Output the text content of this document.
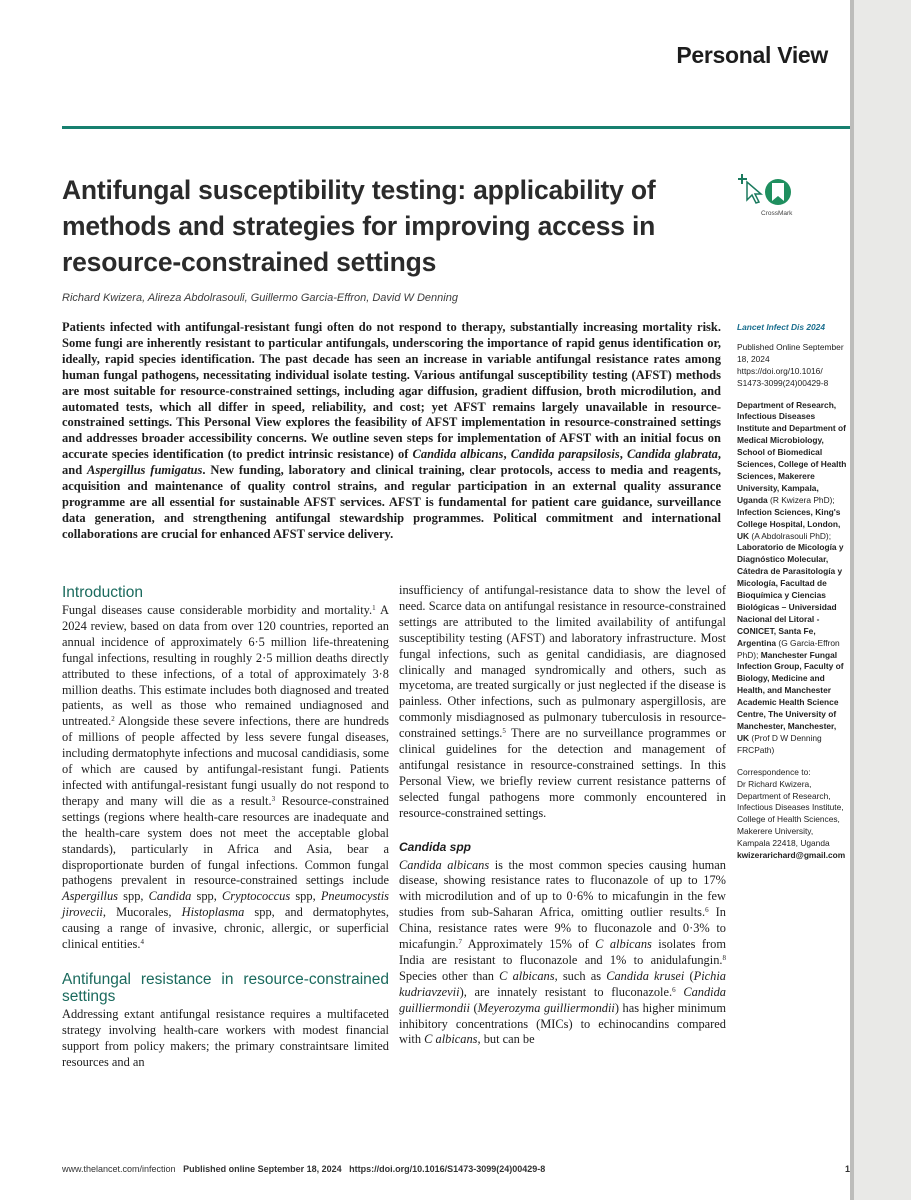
Personal View
Antifungal susceptibility testing: applicability of methods and strategies for improving access in resource-constrained settings
CrossMark
Richard Kwizera, Alireza Abdolrasouli, Guillermo Garcia-Effron, David W Denning

Patients infected with antifungal-resistant fungi often do not respond to therapy, substantially increasing mortality risk. Some fungi are inherently resistant to particular antifungals, underscoring the importance of rapid genus identification or, ideally, rapid species identification. The past decade has seen an increase in variable antifungal resistance rates among human fungal pathogens, necessitating individual isolate testing. Various antifungal susceptibility testing (AFST) methods are most suitable for resource-constrained settings, including agar diffusion, gradient diffusion, broth microdilution, and automated tests, which all differ in speed, reliability, and cost; yet AFST remains largely unavailable in resource-constrained settings. This Personal View explores the feasibility of AFST implementation in resource-constrained settings and addresses broader accessibility concerns. We outline seven steps for implementation of AFST with an initial focus on accurate species identification (to predict intrinsic resistance) of Candida albicans, Candida parapsilosis, Candida glabrata, and Aspergillus fumigatus. New funding, laboratory and clinical training, clear protocols, access to media and reagents, acquisition and maintenance of quality control strains, and regular participation in an external quality assurance programme are all essential for sustainable AFST services. AFST is fundamental for patient care guidance, surveillance data generation, and strengthening antifungal stewardship programmes. Political commitment and international collaborations are crucial for enhanced AFST service delivery.

Lancet Infect Dis 2024

Published Online September 18, 2024 https://doi.org/10.1016/ S1473-3099(24)00429-8

Department of Research, Infectious Diseases Institute and Department of Medical Microbiology, School of Biomedical Sciences, College of Health Sciences, Makerere University, Kampala, Uganda (R Kwizera PhD); Infection Sciences, King's College Hospital, London, UK (A Abdolrasouli PhD); Laboratorio de Micología y Diagnóstico Molecular, Cátedra de Parasitología y Micología, Facultad de Bioquímica y Ciencias Biológicas – Universidad Nacional del Litoral - CONICET, Santa Fe, Argentina (G Garcia-Effron PhD); Manchester Fungal Infection Group, Faculty of Biology, Medicine and Health, and Manchester Academic Health Science Centre, The University of Manchester, Manchester, UK (Prof D W Denning FRCPath)

Correspondence to:
Dr Richard Kwizera, Department of Research, Infectious Diseases Institute, College of Health Sciences, Makerere University, Kampala 22418, Uganda
kwizerarichard@gmail.com

Introduction

Fungal diseases cause considerable morbidity and mortality.$^1$ A 2024 review, based on data from over 120 countries, reported an annual incidence of approximately 6·5 million life-threatening fungal infections, resulting in roughly 2·5 million deaths directly attributed to these infections, of a total of approximately 3·8 million deaths. This estimate includes both diagnosed and treated patients, as well as those who remained undiagnosed and untreated.$^2$ Alongside these severe infections, there are hundreds of millions of people affected by less severe fungal diseases, including dermatophyte infections and mucosal candidiasis, some of which are caused by antifungal-resistant fungi. Patients infected with antifungal-resistant fungi usually do not respond to therapy and many will die as a result.$^3$ Resource-constrained settings (regions where health-care resources are inadequate and the health-care system does not meet the acceptable global standards), particularly in Africa and Asia, bear a disproportionate burden of fungal infections. Common fungal pathogens prevalent in resource-constrained settings include Aspergillus spp, Candida spp, Cryptococcus spp, Pneumocystis jirovecii, Mucorales, Histoplasma spp, and dermatophytes, causing a range of invasive, chronic, allergic, or superficial clinical entities.$^4$

Antifungal resistance in resource-constrained settings

Addressing extant antifungal resistance requires a multifaceted strategy involving health-care workers with modest financial support from policy makers; the primary constraintsare limited resources and an

insufficiency of antifungal-resistance data to show the level of need. Scarce data on antifungal resistance in resource-constrained settings are attributed to the limited availability of antifungal susceptibility testing (AFST) and laboratory infrastructure. Most fungal infections, such as genital candidiasis, are diagnosed clinically and managed syndromically and others, such as mycetoma, are treated surgically or just neglected if the disease is painless. Other infections, such as pulmonary aspergillosis, are commonly misdiagnosed as pulmonary tuberculosis in resource-constrained settings.$^5$ There are no surveillance programmes or clinical guidelines for the detection and management of antifungal resistance in resource-constrained settings. In this Personal View, we briefly review current resistance patterns of selected fungal pathogens more commonly encountered in resource-constrained settings.

Candida spp

Candida albicans is the most common species causing human disease, showing resistance rates to fluconazole of up to 17% with microdilution and of up to 0·6% to micafungin in the few studies from sub-Saharan Africa, omitting outlier results.$^6$ In China, resistance rates were 9% to fluconazole and 0·3% to micafungin.$^7$ Approximately 15% of C albicans isolates from India are resistant to fluconazole and 1% to anidulafungin.$^8$ Species other than C albicans, such as Candida krusei (Pichia kudriavzevii), are innately resistant to fluconazole.$^6$ Candida guilliermondii (Meyerozyma guilliermondii) has higher minimum inhibitory concentrations (MICs) to echinocandins compared with C albicans, but can be

www.thelancet.com/infection Published online September 18, 2024 https://doi.org/10.1016/S1473-3099(24)00429-8	1
